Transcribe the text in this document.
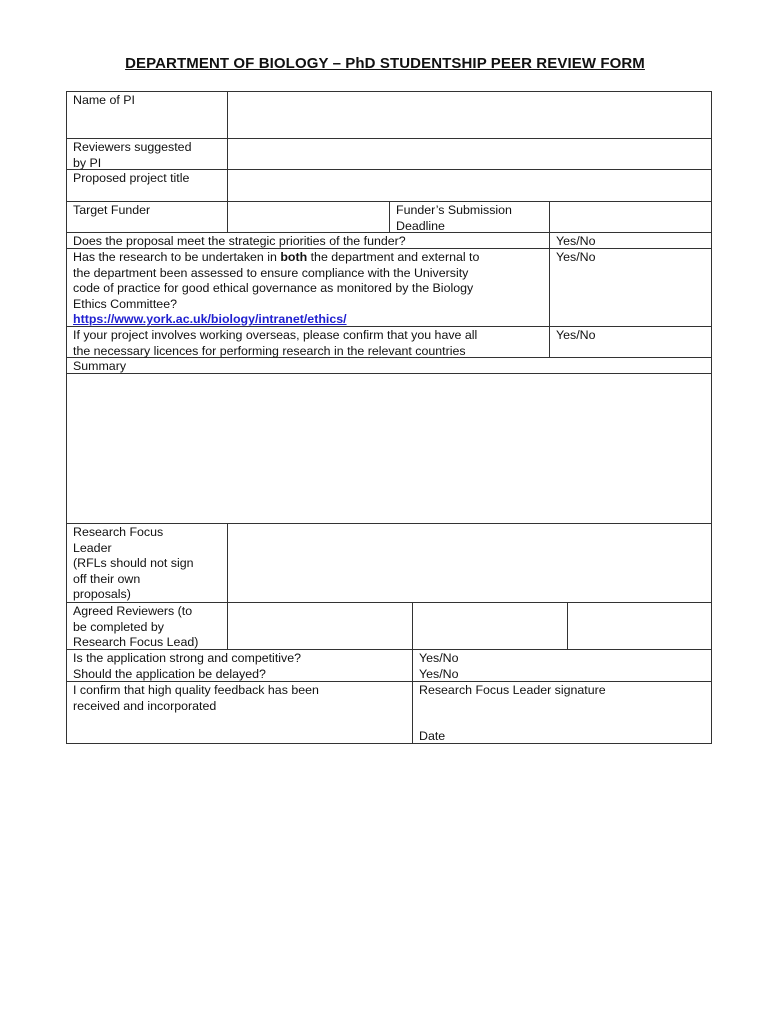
DEPARTMENT OF BIOLOGY – PhD STUDENTSHIP PEER REVIEW FORM
Name of PI
Reviewers suggested
by PI
Proposed project title
Target Funder	Funder’s Submission
Deadline
Does the proposal meet the strategic priorities of the funder?	Yes/No
Has the research to be undertaken in both the department and external to
the department been assessed to ensure compliance with the University
code of practice for good ethical governance as monitored by the Biology
Ethics Committee?
https://www.york.ac.uk/biology/intranet/ethics/
Yes/No
If your project involves working overseas, please confirm that you have all
the necessary licences for performing research in the relevant countries
Yes/No
Summary
Research Focus
Leader
(RFLs should not sign
off their own
proposals)
Agreed Reviewers (to
be completed by
Research Focus Lead)
Is the application strong and competitive?
Should the application be delayed?
Yes/No
Yes/No
I confirm that high quality feedback has been
received and incorporated
Research Focus Leader signature
Date
